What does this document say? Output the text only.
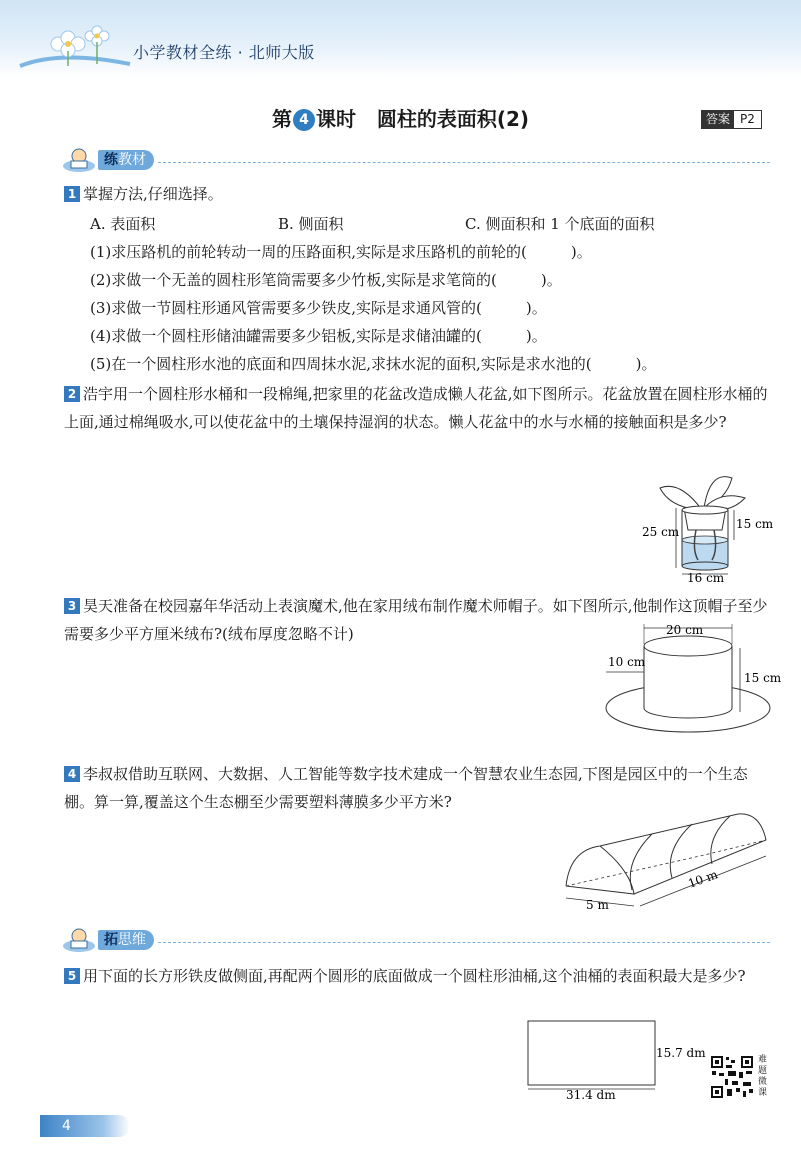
小学教材全练 · 北师大版
第 4 课时 圆柱的表面积(2)	答案 P2
练教材
1 掌握方法,仔细选择。
A. 表面积	B. 侧面积	C. 侧面积和 1 个底面的面积
(1)求压路机的前轮转动一周的压路面积,实际是求压路机的前轮的(	)。
(2)求做一个无盖的圆柱形笔筒需要多少竹板,实际是求笔筒的(	)。
(3)求做一节圆柱形通风管需要多少铁皮,实际是求通风管的(	)。
(4)求做一个圆柱形储油罐需要多少铝板,实际是求储油罐的(	)。
(5)在一个圆柱形水池的底面和四周抹水泥,求抹水泥的面积,实际是求水池的(	)。
2 浩宇用一个圆柱形水桶和一段棉绳,把家里的花盆改造成懒人花盆,如下图所示。花盆放置在圆柱形水桶的上面,通过棉绳吸水,可以使花盆中的土壤保持湿润的状态。懒人花盆中的水与水桶的接触面积是多少?
25 cm
15 cm
16 cm
3 昊天准备在校园嘉年华活动上表演魔术,他在家用绒布制作魔术师帽子。如下图所示,他制作这顶帽子至少需要多少平方厘米绒布?(绒布厚度忽略不计)	20 cm
10 cm
15 cm
4 李叔叔借助互联网、大数据、人工智能等数字技术建成一个智慧农业生态园,下图是园区中的一个生态棚。算一算,覆盖这个生态棚至少需要塑料薄膜多少平方米?
5 m
10 m
拓思维
5 用下面的长方形铁皮做侧面,再配两个圆形的底面做成一个圆柱形油桶,这个油桶的表面积最大是多少?
15.7 dm
31.4 dm
难题微课
4
